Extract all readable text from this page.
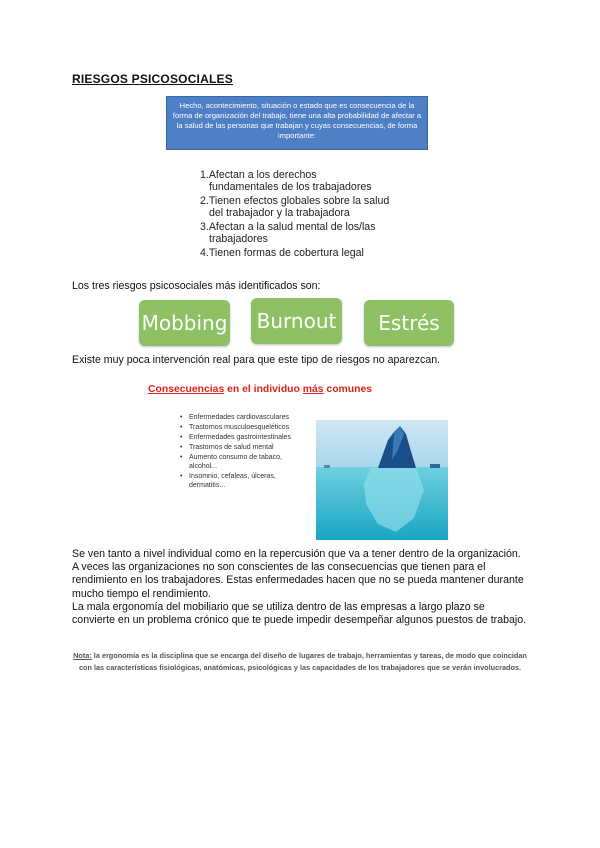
RIESGOS PSICOSOCIALES
Hecho, acontecimiento, situación o estado que es consecuencia de la forma de organización del trabajo, tiene una alta probabilidad de afectar a la salud de las personas que trabajan y cuyas consecuencias, de forma importante:
1.Afectan a los derechos
fundamentales de los trabajadores
2.Tienen efectos globales sobre la salud
del trabajador y la trabajadora
3.Afectan a la salud mental de los/las
trabajadores
4.Tienen formas de cobertura legal
Los tres riesgos psicosociales más identificados son:
Mobbing Burnout	Estrés
Existe muy poca intervención real para que este tipo de riesgos no aparezcan.
Consecuencias en el individuo más comunes
• Enfermedades cardiovasculares
• Trastornos musculoesqueléticos
• Enfermedades gastrointestinales
• Trastornos de salud mental
• Aumento consumo de tabaco, alcohol...
• Insomnio, cefaleas, úlceras, dermatitis...

Se ven tanto a nivel individual como en la repercusión que va a tener dentro de la organización. A veces las organizaciones no son conscientes de las consecuencias que tienen para el rendimiento en los trabajadores. Estas enfermedades hacen que no se pueda mantener durante mucho tiempo el rendimiento.

La mala ergonomía del mobiliario que se utiliza dentro de las empresas a largo plazo se convierte en un problema crónico que te puede impedir desempeñar algunos puestos de trabajo.

Nota: la ergonomía es la disciplina que se encarga del diseño de lugares de trabajo, herramientas y tareas, de modo que coincidan con las características fisiológicas, anatómicas, psicológicas y las capacidades de los trabajadores que se verán involucrados.
